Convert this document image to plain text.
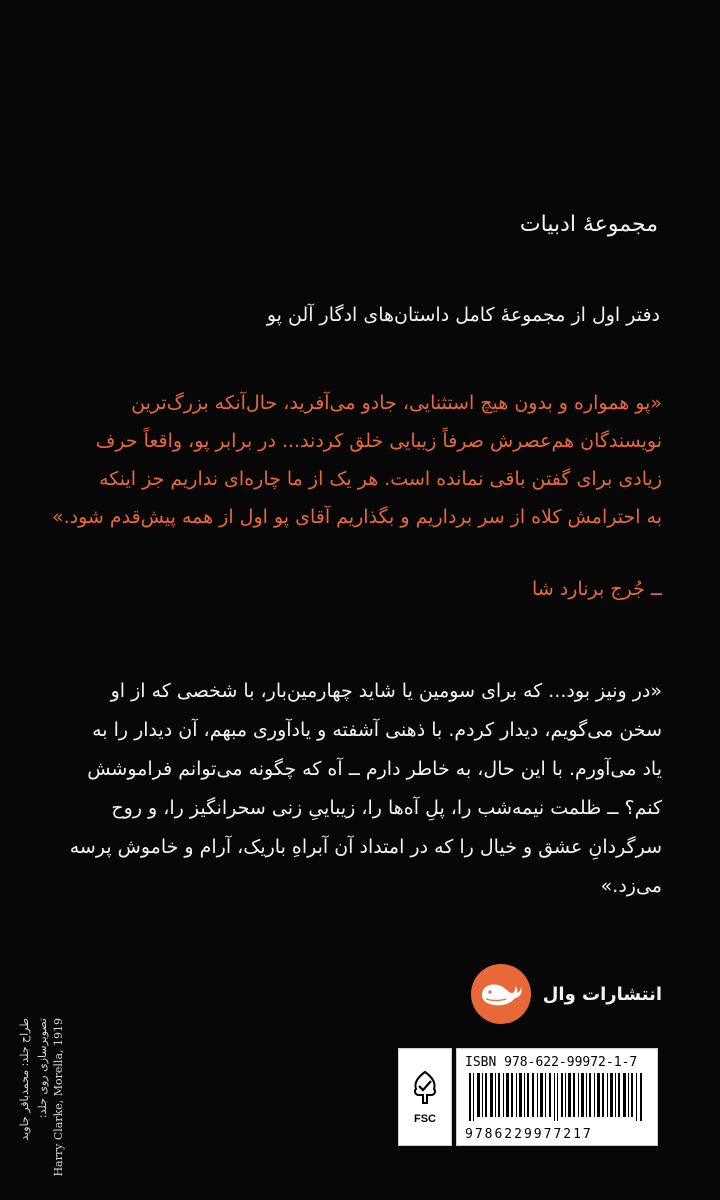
مجموعهٔ ادبیات
دفتر اول از مجموعهٔ کامل داستان‌های ادگار آلن پو
«پو همواره و بدون هیچ استثنایی، جادو می‌آفرید، حال‌آنکه بزرگ‌ترین
نویسندگان هم‌عصرش صرفاً زیبایی خلق کردند... در برابر پو، واقعاً حرف
زیادی برای گفتن باقی نمانده است. هر یک از ما چاره‌ای نداریم جز اینکه
به احترامش کلاه از سر برداریم و بگذاریم آقای پو اول از همه پیش‌قدم شود.»
ــ جُرج برنارد شا
«در ونیز بود... که برای سومین یا شاید چهارمین‌بار، با شخصی که از او
سخن می‌گویم، دیدار کردم. با ذهنی آشفته و یادآوری مبهم، آن دیدار را به
یاد می‌آورم. با این حال، به خاطر دارم ــ آه که چگونه می‌توانم فراموشش
کنم؟ ــ ظلمت نیمه‌شب را، پلِ آه‌ها را، زیباییِ زنی سحرانگیز را، و روح
سرگردانِ عشق و خیال را که در امتداد آن آبراهِ باریک، آرام و خاموش پرسه
می‌زد.»
انتشارات وال
طراح جلد: محمدباقر جاوید تصویرسازی روی جلد: Harry Clarke, Morella, 1919	FSC
ISBN 978-622-99972-1-7
9786229977217
